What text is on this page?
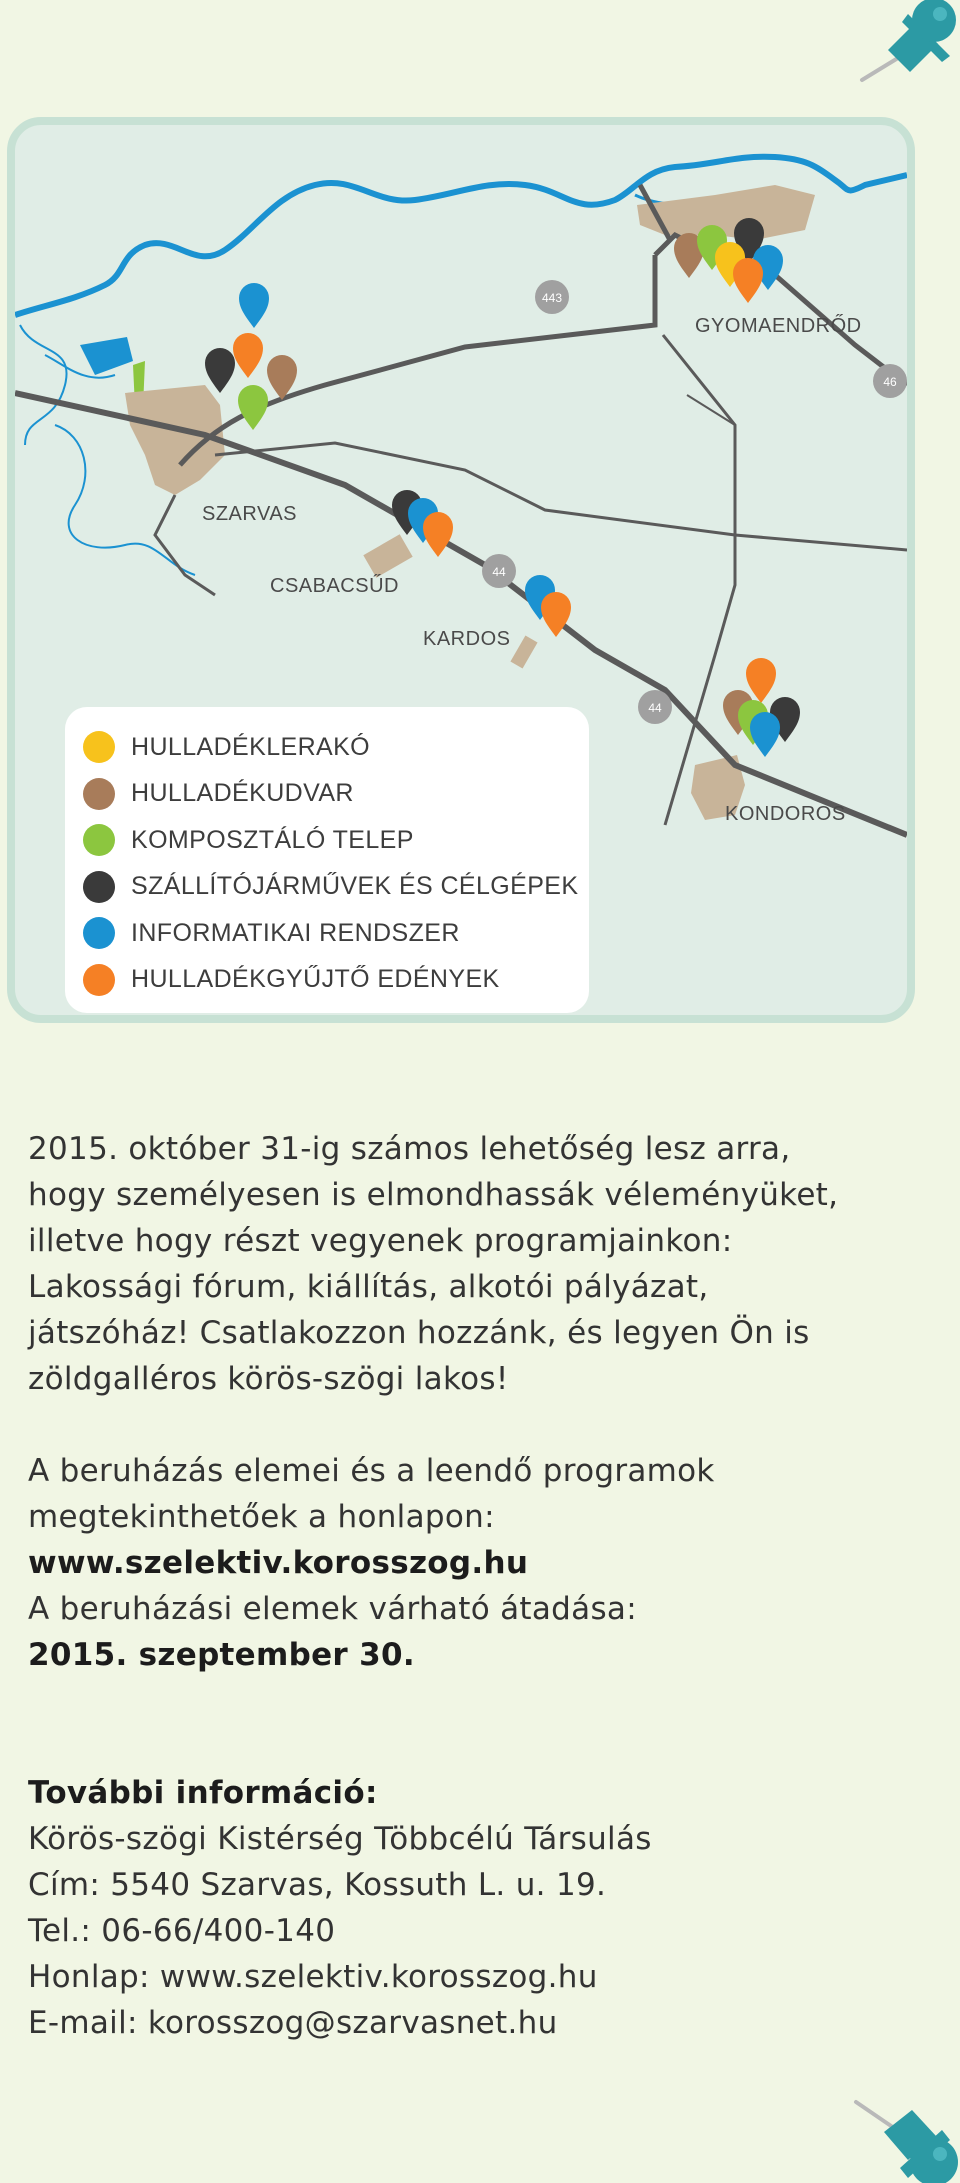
443
46
44
44
SZARVAS
CSABACSŰD
KARDOS
GYOMAENDRŐD
KONDOROS
HULLADÉKLERAKÓ
HULLADÉKUDVAR
KOMPOSZTÁLÓ TELEP
SZÁLLÍTÓJÁRMŰVEK ÉS CÉLGÉPEK
INFORMATIKAI RENDSZER
HULLADÉKGYŰJTŐ EDÉNYEK

2015. október 31-ig számos lehetőség lesz arra,

hogy személyesen is elmondhassák véleményüket,

illetve hogy részt vegyenek programjainkon:

Lakossági fórum, kiállítás, alkotói pályázat,

játszóház! Csatlakozzon hozzánk, és legyen Ön is

zöldgalléros körös-szögi lakos!

A beruházás elemei és a leendő programok

megtekinthetőek a honlapon:

www.szelektiv.korosszog.hu

A beruházási elemek várható átadása:

2015. szeptember 30.

További információ:

Körös-szögi Kistérség Többcélú Társulás

Cím: 5540 Szarvas, Kossuth L. u. 19.

Tel.: 06-66/400-140

Honlap: www.szelektiv.korosszog.hu

E-mail: korosszog@szarvasnet.hu
